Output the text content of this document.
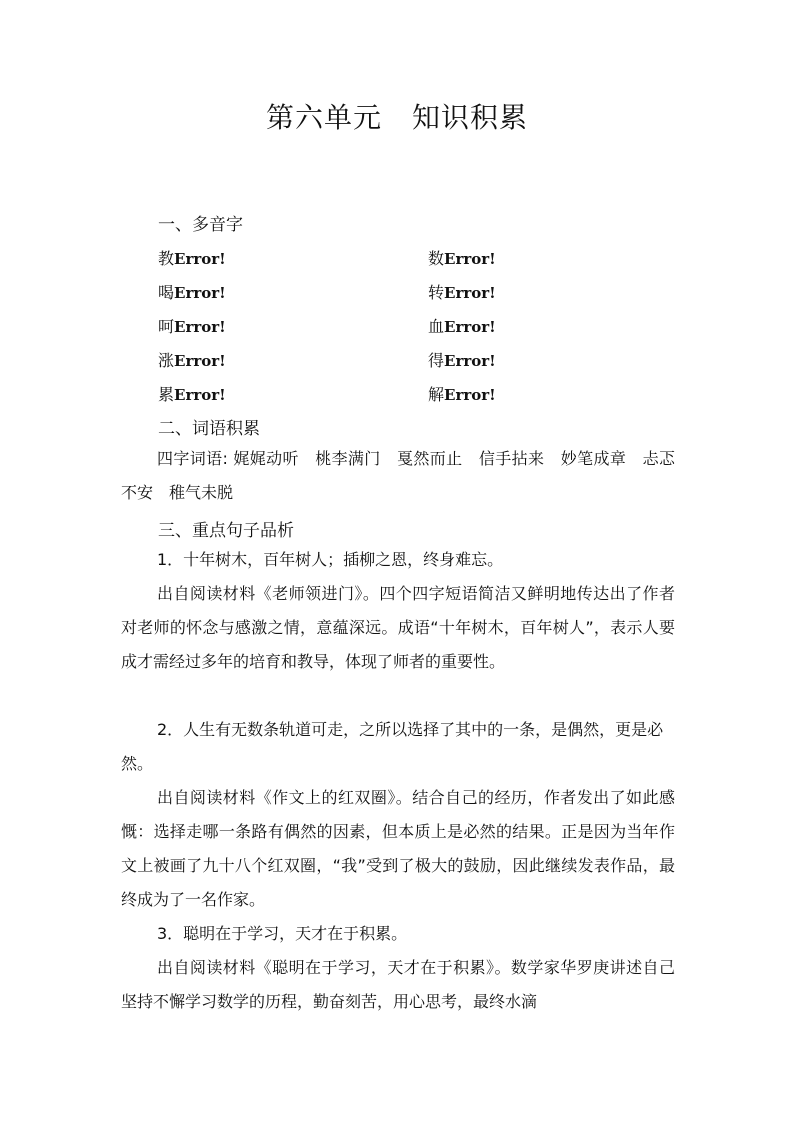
第六单元 知识积累
一、多音字
教Error!	数Error!
喝Error!	转Error!
呵Error!	血Error!
涨Error!	得Error!
累Error!	解Error!
二、词语积累

四字词语: 娓娓动听　桃李满门　戛然而止　信手拈来　妙笔成章　忐忑不安　稚气未脱

三、重点句子品析

1．十年树木，百年树人；插柳之恩，终身难忘。

出自阅读材料《老师领进门》。四个四字短语简洁又鲜明地传达出了作者对老师的怀念与感激之情，意蕴深远。成语“十年树木，百年树人”，表示人要成才需经过多年的培育和教导，体现了师者的重要性。

2．人生有无数条轨道可走，之所以选择了其中的一条，是偶然，更是必然。

出自阅读材料《作文上的红双圈》。结合自己的经历，作者发出了如此感慨：选择走哪一条路有偶然的因素，但本质上是必然的结果。正是因为当年作文上被画了九十八个红双圈，“我”受到了极大的鼓励，因此继续发表作品，最终成为了一名作家。

3．聪明在于学习，天才在于积累。

出自阅读材料《聪明在于学习，天才在于积累》。数学家华罗庚讲述自己坚持不懈学习数学的历程，勤奋刻苦，用心思考，最终水滴
